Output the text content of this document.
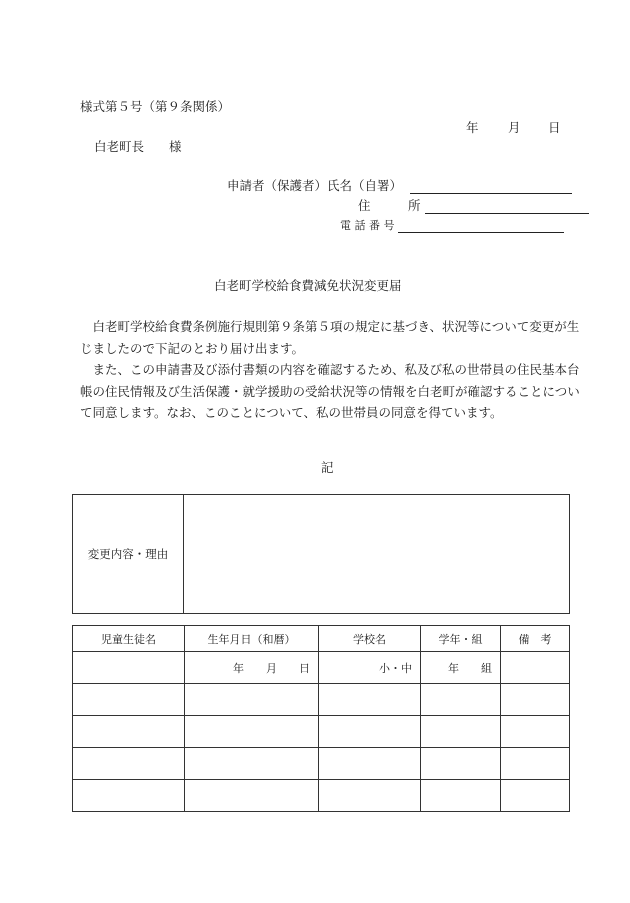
様式第５号（第９条関係）
年 月 日
白老町長　　様
申請者（保護者）氏名（自署）
住　　　所
電 話 番 号
白老町学校給食費減免状況変更届
白老町学校給食費条例施行規則第９条第５項の規定に基づき、状況等について変更が生じましたので下記のとおり届け出ます。
また、この申請書及び添付書類の内容を確認するため、私及び私の世帯員の住民基本台帳の住民情報及び生活保護・就学援助の受給状況等の情報を白老町が確認することについて同意します。なお、このことについて、私の世帯員の同意を得ています。
記
変更内容・理由	
児童生徒名	生年月日（和暦）	学校名	学年・組	備　考
	年　　月　　日	小・中	年　　組	
